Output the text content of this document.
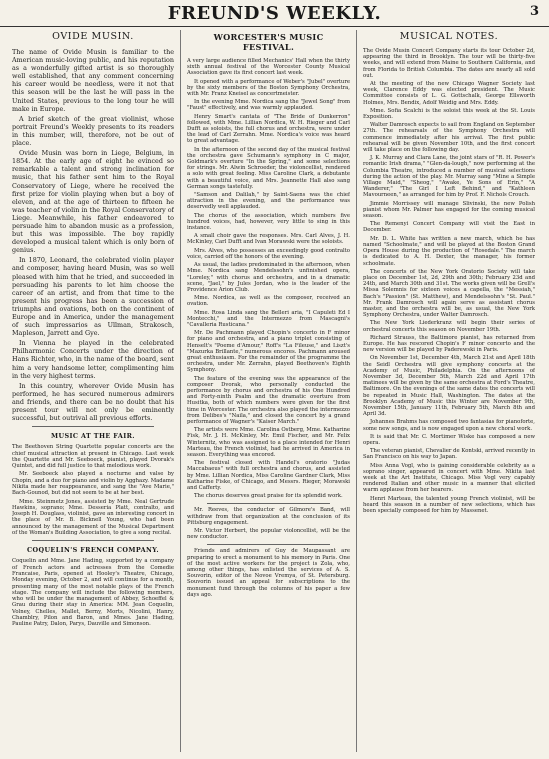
FREUND'S WEEKLY.	3
OVIDE MUSIN.

The name of Ovide Musin is familiar to the American music-loving public, and his reputation as a wonderfully gifted artist is so thoroughly well established, that any comment concerning his career would be needless, were it not that this season will be the last he will pass in the United States, previous to the long tour he will make in Europe.

A brief sketch of the great violinist, whose portrait Freund's Weekly presents to its readers in this number, will, therefore, not be out of place.

Ovide Musin was born in Liege, Belgium, in 1854. At the early age of eight he evinced so remarkable a talent and strong inclination for music, that his father sent him to the Royal Conservatory of Liege, where he received the first prize for violin playing when but a boy of eleven, and at the age of thirteen to fifteen he was teacher of violin in the Royal Conservatory of Liege. Meanwhile, his father endeavored to persuade him to abandon music as a profession, but this was impossible. The boy rapidly developed a musical talent which is only born of genius.

In 1870, Leonard, the celebrated violin player and composer, having heard Musin, was so well pleased with him that he tried, and succeeded in persuading his parents to let him choose the career of an artist, and from that time to the present his progress has been a succession of triumphs and ovations, both on the continent of Europe and in America, under the management of such impressarios as Ullman, Strakosch, Mapleson, Jarrett and Gye.

In Vienna he played in the celebrated Philharmonic Concerts under the direction of Hans Richter, who, in the name of the board, sent him a very handsome letter, complimenting him in the very highest terms.

In this country, wherever Ovide Musin has performed, he has secured numerous admirers and friends, and there can be no doubt that his present tour will not only be eminently successful, but outrival all previous efforts.

MUSIC AT THE FAIR.

The Beethoven String Quartette popular concerts are the chief musical attraction at present in Chicago. Last week the Quartette and Mr. Seeboeck, pianist, played Dvorak's Quintet, and did full justice to that melodious work.

Mr. Seeboeck also played a nocturne and valse by Chopin, and a duo for piano and violin by Agghazy. Madame Nikita made her reappearance, and sang the "Ave Marie," Bach-Gounod, but did not seem to be at her best.

Mme. Steinmetz Jones, assisted by Mme. Neal Gertrude Hawkins, soprano; Mme. Desseria Platt, contralto, and Joseph H. Douglass, violinist, gave an interesting concert in the place of Mr. B. Bicknell Young, who had been announced by the management of the Musical Department of the Woman's Building Association, to give a song recital.

COQUELIN'S FRENCH COMPANY.

Coquelin and Mme. Jane Hading, supported by a company of French actors and actresses from the Comedie Francaise, Paris, opened at Hooley's Theatre, Chicago, Monday evening, October 2, and will continue for a month, presenting many of the most notable plays of the French stage. The company will include the following members, who will be under the management of Abbey, Schoeffel & Grau during their stay in America: MM. Jean Coquelin, Volney, Chelles, Mallet, Berny, Morts, Nicolini, Hanry, Chamblry, Pilon and Baron, and Mmes. Jane Hading, Pauline Patry, Dalon, Parys, Dauville and Simonson.

WORCESTER'S MUSIC FESTIVAL.

A very large audience filled Mechanics' Hall when the thirty sixth annual festival of the Worcester County Musical Association gave its first concert last week.

It opened with a performance of Weber's "Jubel" overture by the sixty members of the Boston Symphony Orchestra, with Mr. Franz Kneisel as concertmeister.

In the evening Mme. Nordica sang the "Jewel Song" from "Faust" effectively, and was warmly applauded.

Henry Smart's cantata of "The Bride of Dunkerron" followed, with Mme. Lillian Nordica, W. H. Rieger and Carl Dufft as soloists, the full chorus and orchestra, were under the lead of Carl Zerrahn. Mme. Nordica's voice was heard to great advantage.

In the afternoon of the second day of the musical festival the orchestra gave Schumann's symphony in C major, Goldmark's overture "In the Spring," and some selections for strings. Mr. Alwin Schroeder, the violoncellist, rendered a solo with great feeling. Miss Caroline Clark, a debutante with a beautiful voice, and Mrs. Jeannette Hall also sang German songs tastefully.

"Samson and Dalilah," by Saint-Saens was the chief attraction in the evening, and the performance was deservedly well applauded.

The chorus of the association, which numbers five hundred voices, had, however, very little to sing in this instance.

A small choir gave the responses. Mrs. Carl Alves, J. H. McKinley, Carl Dufft and Ivan Morawski were the soloists.

Mrs. Alves, who possesses an exceedingly good contralto voice, carried off the honors of the evening.

As usual, the ladies predominated in the afternoon, when Mme. Nordica sang Mendelssohn's unfinished opera, "Loreley," with chorus and orchestra, and in a dramatic scene, "Jael," by Jules Jordan, who is the leader of the Providence Arion Club.

Mme. Nordica, as well as the composer, received an ovation.

Mme. Rosa Linda sang the Belleri aria, "I Capuleti Ed I Montecchi," and the Intermezzo from Mascagni's "Cavalleria Rusticana."

Mr. De Pachmann played Chopin's concerto in F minor for piano and orchestra, and a piano triplet consisting of Henselt's "Poeme d'Amour," Roff's "La Fileuse," and Liszt's "Mazurka Brillante," numerous encores. Pachmann aroused great enthusiasm. For the remainder of the programme the orchestra, under Mr. Zerrahn, played Beethoven's Eighth Symphony.

The feature of the evening was the appearance of the composer Dvorak, who personally conducted the performance by chorus and orchestra of his One Hundred and Forty-ninth Psalm and the dramatic overture from Husitka, both of which numbers were given for the first time in Worcester. The orchestra also played the intermezzo from Delibes's "Naila," and closed the concert by a grand performance of Wagner's "Kaiser March."

The artists were Mme. Carolina Ostberg, Mme. Katharine Fisk, Mr. J. H. McKinley, Mr. Emil Fischer, and Mr. Felix Winternitz, who was assigned to a place intended for Henri Marteau, the French violinist, had he arrived in America in season. Everything was encored.

The festival closed with Handel's oratorio "Judas Maccabaeus" with full orchestra and chorus, and assisted by Mme. Lillian Nordica, Miss Caroline Gardner Clark, Miss Katharine Fiske, of Chicago, and Messrs. Rieger, Morawski and Cafferty.

The chorus deserves great praise for its splendid work.

Mr. Reeves, the conductor of Gilmore's Band, will withdraw from that organization at the conclusion of its Pittsburg engagement.

Mr. Victor Herbert, the popular violoncellist, will be the new conductor.

Friends and admirers of Guy de Maupassant are preparing to erect a monument to his memory in Paris. One of the most active workers for the project is Zola, who, among other things, has enlisted the services of A. S. Souvorin, editor of the Novoe Vremya, of St. Petersburg. Souvorin issued an appeal for subscriptions to the monument fund through the columns of his paper a few days ago.

MUSICAL NOTES.

The Ovide Musin Concert Company starts its tour October 2d, appearing the third in Brooklyn. The tour will be thirty-five weeks, and will extend from Maine to Southern California, and from Florida to British Columbia. The dates are nearly all sold out.

At the meeting of the new Chicago Wagner Society last week, Clarence Eddy was elected president. The Music Committee consists of L. G. Gottschalk, George Ellsworth Holmes, Mrs. Bendix, Adolf Weidig and Mrs. Eddy.

Mme. Sofia Scalchi is the soloist this week at the St. Louis Exposition.

Walter Damrosch expects to sail from England on September 27th. The rehearsals of the Symphony Orchestra will commence immediately after his arrival. The first public rehearsal will be given November 10th, and the first concert will take place on the following day.

J. K. Murray and Clara Lane, the joint stars of "R. H. Power's romantic Irish drama," "Glen-da-lough," now performing at the Columbia Theatre, introduced a number of musical selections during the action of the play. Mr. Murray sang "Mine a Simple Village Maid," "Sheog," "Awake, Ye Sons of Erin," "A Wanderer," "The Girl I Left Behind," and "Kathleen Mavourneen," as arranged for him by Prof. F. Nichols Crouch.

Jimmie Morrissey will manage Slivinski, the new Polish pianist whom Mr. Palmer has engaged for the coming musical season.

The Remenyi Concert Company will visit the East in December.

Mr. D. L. White has written a new march, which he has named "Schoolmate," and will be played at the Boston Grand Opera House during the production of "Rosedale." The march is dedicated to A. H. Dexter, the manager, his former schoolmate.

The concerts of the New York Oratorio Society will take place on December 1st, 2d, 29th and 30th; February 23d and 24th, and March 30th and 31st. The works given will be Grell's Missa Solemnis for sixteen voices a capella, the "Messiah," Bach's "Passion" (St. Matthew), and Mendelssohn's "St. Paul." Mr. Frank Damrosch will again serve as assistant chorus master, and the orchestra will be, as usual, the New York Symphony Orchestra, under Walter Damrosch.

The New York Liederkranz will begin their series of orchestral concerts this season on November 19th.

Richard Strauss, the Baltimore pianist, has returned from Europe. He has rescored Chopin's F minor concerto and the new version will be played by Paderewski in Paris.

On November 1st, December 4th, March 21st and April 18th the Seidl Orchestra will give symphony concerts at the Academy of Music, Philadelphia. On the afternoons of November 3d, December 5th, March 22d and April 17th matinees will be given by the same orchestra at Ford's Theatre, Baltimore. On the evenings of the same dates the concerts will be repeated in Music Hall, Washington. The dates at the Brooklyn Academy of Music this Winter are November 9th, November 15th, January 11th, February 5th, March 8th and April 3d.

Johannes Brahms has composed two fantasias for pianoforte, some new songs, and is now engaged upon a new choral work.

It is said that Mr. C. Mortimer Wiske has composed a new opera.

The veteran pianist, Chevalier de Kontski, arrived recently in San Francisco on his way to Japan.

Miss Anna Vogl, who is gaining considerable celebrity as a soprano singer, appeared in concert with Mme. Nikita last week at the Art Institute, Chicago. Miss Vogl very capably rendered Italian and other music in a manner that elicited warm applause from her hearers.

Henri Marteau, the talented young French violinist, will be heard this season in a number of new selections, which has been specially composed for him by Massenet.
